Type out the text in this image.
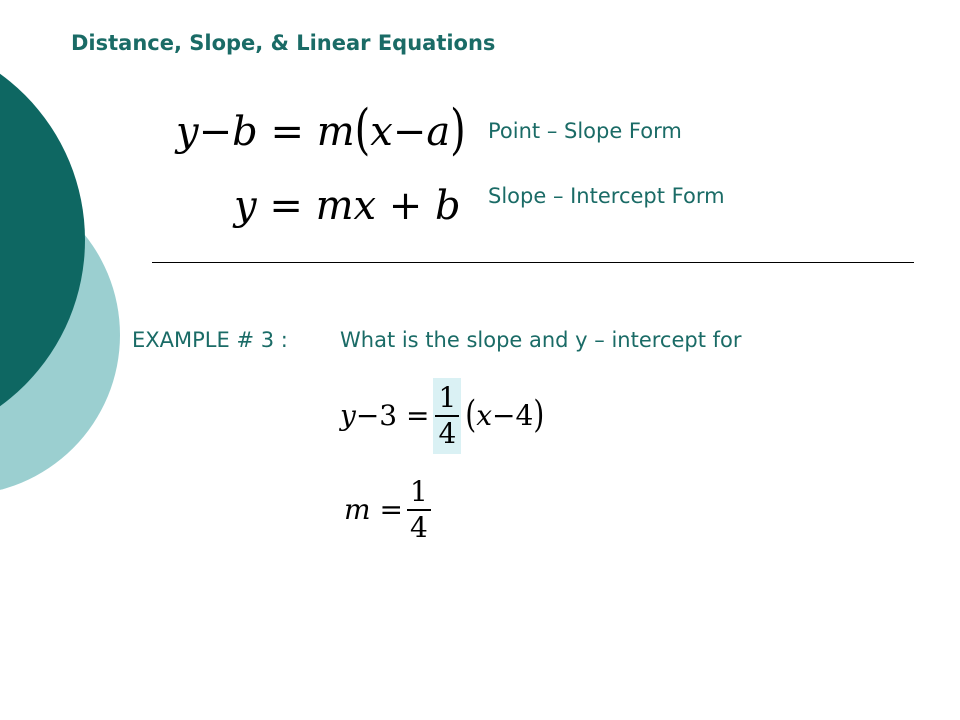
Distance, Slope, & Linear Equations
y−b = m(x−a) Point – Slope Form
y = mx + b Slope – Intercept Form
EXAMPLE # 3 : What is the slope and y – intercept for
$y-3 = \frac{1}{4} (x-4)$
$m = \frac{1}{4}$
